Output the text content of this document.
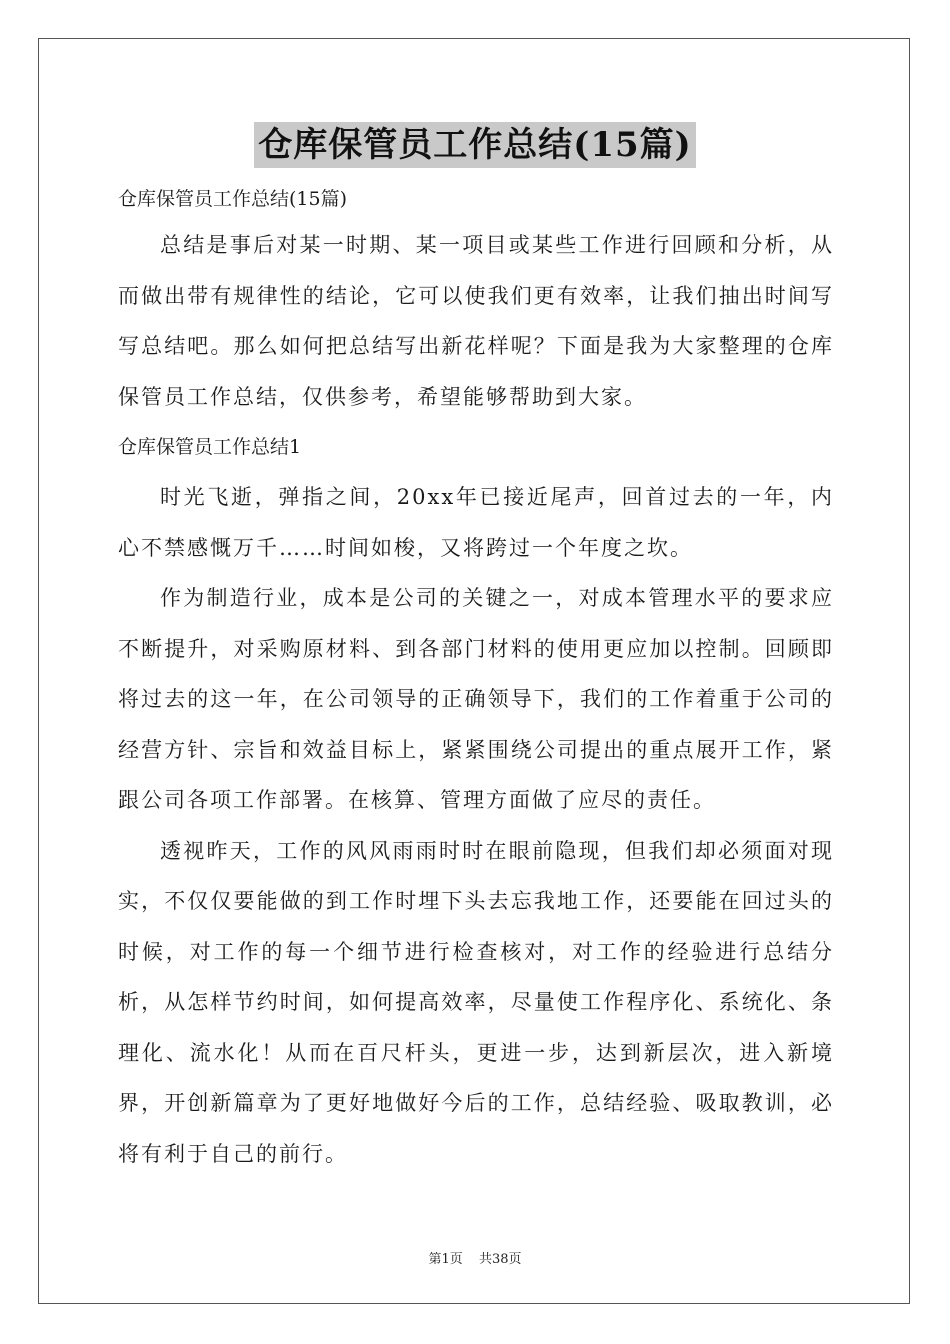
仓库保管员工作总结(15篇)

仓库保管员工作总结(15篇)

总结是事后对某一时期、某一项目或某些工作进行回顾和分析，从而做出带有规律性的结论，它可以使我们更有效率，让我们抽出时间写写总结吧。那么如何把总结写出新花样呢？下面是我为大家整理的仓库保管员工作总结，仅供参考，希望能够帮助到大家。

仓库保管员工作总结1

时光飞逝，弹指之间，20xx年已接近尾声，回首过去的一年，内心不禁感慨万千……时间如梭，又将跨过一个年度之坎。

作为制造行业，成本是公司的关键之一，对成本管理水平的要求应不断提升，对采购原材料、到各部门材料的使用更应加以控制。回顾即将过去的这一年，在公司领导的正确领导下，我们的工作着重于公司的经营方针、宗旨和效益目标上，紧紧围绕公司提出的重点展开工作，紧跟公司各项工作部署。在核算、管理方面做了应尽的责任。

透视昨天，工作的风风雨雨时时在眼前隐现，但我们却必须面对现实，不仅仅要能做的到工作时埋下头去忘我地工作，还要能在回过头的时候，对工作的每一个细节进行检查核对，对工作的经验进行总结分析，从怎样节约时间，如何提高效率，尽量使工作程序化、系统化、条理化、流水化！从而在百尺杆头，更进一步，达到新层次，进入新境界，开创新篇章为了更好地做好今后的工作，总结经验、吸取教训，必将有利于自己的前行。

第1页 共38页
